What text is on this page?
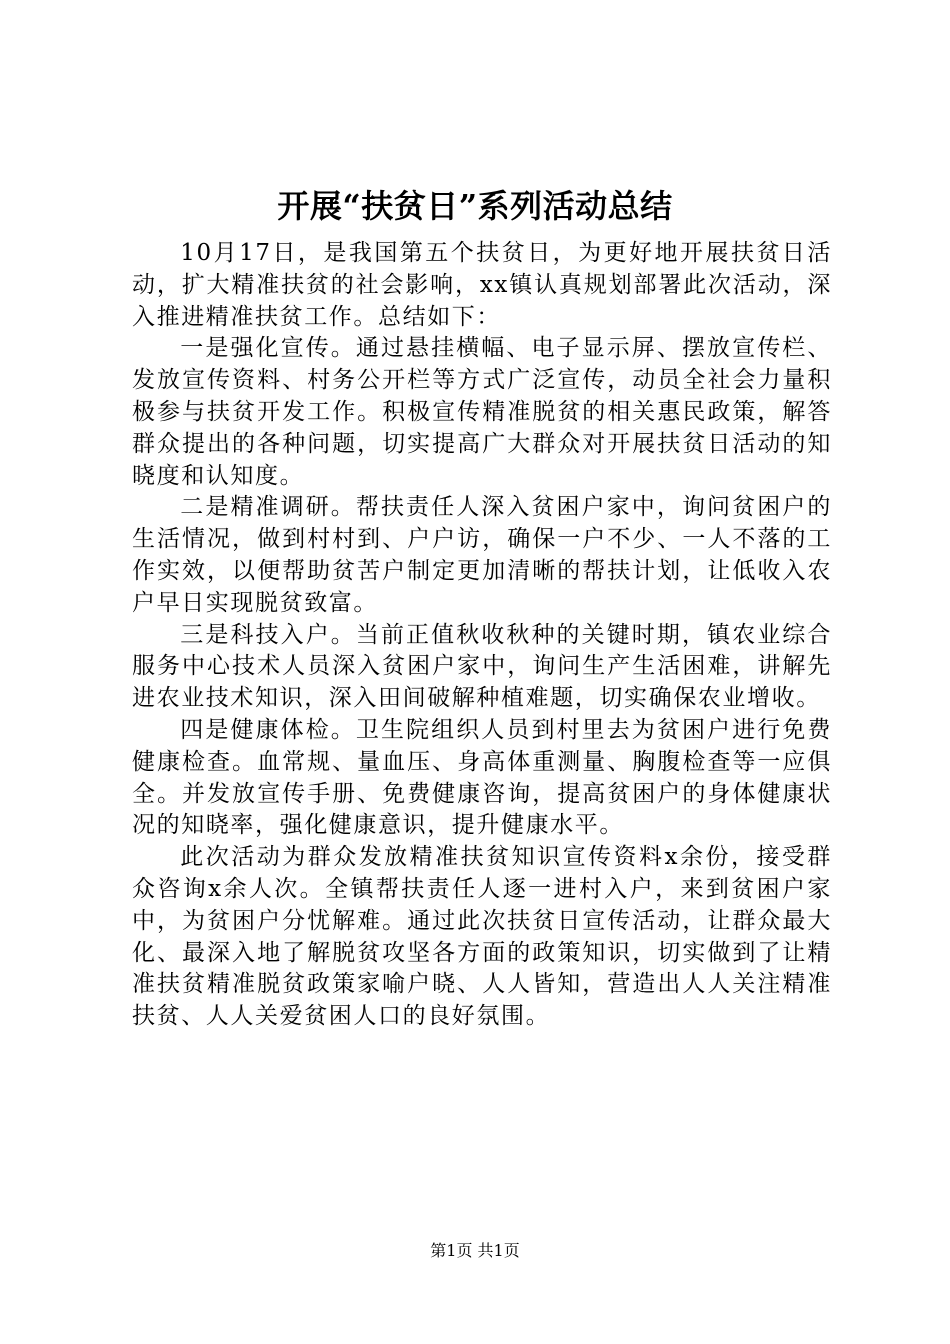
开展“扶贫日”系列活动总结

10月17日，是我国第五个扶贫日，为更好地开展扶贫日活动，扩大精准扶贫的社会影响，xx镇认真规划部署此次活动，深入推进精准扶贫工作。总结如下：

一是强化宣传。通过悬挂横幅、电子显示屏、摆放宣传栏、发放宣传资料、村务公开栏等方式广泛宣传，动员全社会力量积极参与扶贫开发工作。积极宣传精准脱贫的相关惠民政策，解答群众提出的各种问题，切实提高广大群众对开展扶贫日活动的知晓度和认知度。

二是精准调研。帮扶责任人深入贫困户家中，询问贫困户的生活情况，做到村村到、户户访，确保一户不少、一人不落的工作实效，以便帮助贫苦户制定更加清晰的帮扶计划，让低收入农户早日实现脱贫致富。

三是科技入户。当前正值秋收秋种的关键时期，镇农业综合服务中心技术人员深入贫困户家中，询问生产生活困难，讲解先进农业技术知识，深入田间破解种植难题，切实确保农业增收。

四是健康体检。卫生院组织人员到村里去为贫困户进行免费健康检查。血常规、量血压、身高体重测量、胸腹检查等一应俱全。并发放宣传手册、免费健康咨询，提高贫困户的身体健康状况的知晓率，强化健康意识，提升健康水平。

此次活动为群众发放精准扶贫知识宣传资料x余份，接受群众咨询x余人次。全镇帮扶责任人逐一进村入户，来到贫困户家中，为贫困户分忧解难。通过此次扶贫日宣传活动，让群众最大化、最深入地了解脱贫攻坚各方面的政策知识，切实做到了让精准扶贫精准脱贫政策家喻户晓、人人皆知，营造出人人关注精准扶贫、人人关爱贫困人口的良好氛围。

第1页 共1页
